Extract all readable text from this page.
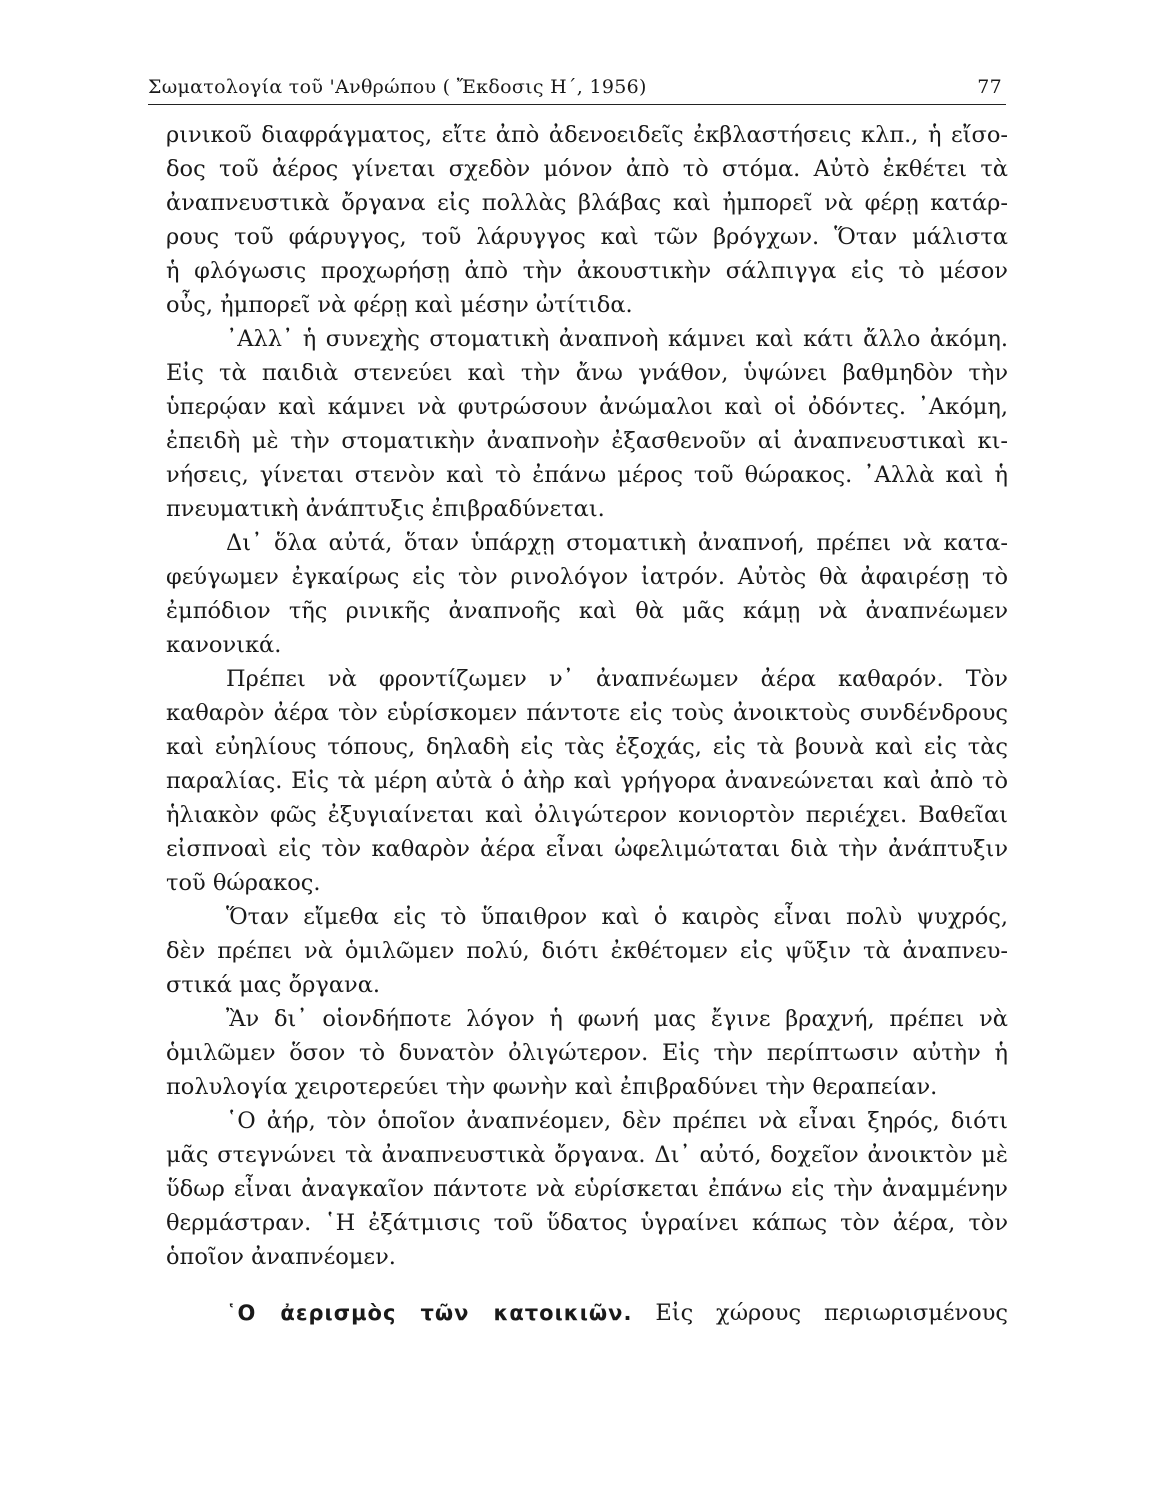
Σωματολογία τοῦ 'Ανθρώπου ( Ἔκδοσις Η΄, 1956)	77
ρινικοῦ διαφράγματος, εἴτε ἀπὸ ἀδενοειδεῖς ἐκβλαστήσεις κλπ., ἡ εἴσο-
δος τοῦ ἀέρος γίνεται σχεδὸν μόνον ἀπὸ τὸ στόμα. Αὐτὸ ἐκθέτει τὰ
ἀναπνευστικὰ ὄργανα εἰς πολλὰς βλάβας καὶ ἠμπορεῖ νὰ φέρῃ κατάρ-
ρους τοῦ φάρυγγος, τοῦ λάρυγγος καὶ τῶν βρόγχων. Ὅταν μάλιστα
ἡ φλόγωσις προχωρήσῃ ἀπὸ τὴν ἀκουστικὴν σάλπιγγα εἰς τὸ μέσον
οὖς, ἠμπορεῖ νὰ φέρῃ καὶ μέσην ὠτίτιδα.
᾿Αλλ᾿ ἡ συνεχὴς στοματικὴ ἀναπνοὴ κάμνει καὶ κάτι ἄλλο ἀκόμη.
Εἰς τὰ παιδιὰ στενεύει καὶ τὴν ἄνω γνάθον, ὑψώνει βαθμηδὸν τὴν
ὑπερῴαν καὶ κάμνει νὰ φυτρώσουν ἀνώμαλοι καὶ οἱ ὀδόντες. ᾿Ακόμη,
ἐπειδὴ μὲ τὴν στοματικὴν ἀναπνοὴν ἐξασθενοῦν αἱ ἀναπνευστικαὶ κι-
νήσεις, γίνεται στενὸν καὶ τὸ ἐπάνω μέρος τοῦ θώρακος. ᾿Αλλὰ καὶ ἡ
πνευματικὴ ἀνάπτυξις ἐπιβραδύνεται.
Δι᾿ ὅλα αὐτά, ὅταν ὑπάρχῃ στοματικὴ ἀναπνοή, πρέπει νὰ κατα-
φεύγωμεν ἐγκαίρως εἰς τὸν ρινολόγον ἰατρόν. Αὐτὸς θὰ ἀφαιρέσῃ τὸ
ἐμπόδιον τῆς ρινικῆς ἀναπνοῆς καὶ θὰ μᾶς κάμῃ νὰ ἀναπνέωμεν
κανονικά.
Πρέπει νὰ φροντίζωμεν ν᾿ ἀναπνέωμεν ἀέρα καθαρόν. Τὸν
καθαρὸν ἀέρα τὸν εὑρίσκομεν πάντοτε εἰς τοὺς ἀνοικτοὺς συνδένδρους
καὶ εὐηλίους τόπους, δηλαδὴ εἰς τὰς ἐξοχάς, εἰς τὰ βουνὰ καὶ εἰς τὰς
παραλίας. Εἰς τὰ μέρη αὐτὰ ὁ ἀὴρ καὶ γρήγορα ἀνανεώνεται καὶ ἀπὸ τὸ
ἡλιακὸν φῶς ἐξυγιαίνεται καὶ ὀλιγώτερον κονιορτὸν περιέχει. Βαθεῖαι
εἰσπνοαὶ εἰς τὸν καθαρὸν ἀέρα εἶναι ὠφελιμώταται διὰ τὴν ἀνάπτυξιν
τοῦ θώρακος.
Ὅταν εἴμεθα εἰς τὸ ὕπαιθρον καὶ ὁ καιρὸς εἶναι πολὺ ψυχρός,
δὲν πρέπει νὰ ὁμιλῶμεν πολύ, διότι ἐκθέτομεν εἰς ψῦξιν τὰ ἀναπνευ-
στικά μας ὄργανα.
Ἂν δι᾿ οἱονδήποτε λόγον ἡ φωνή μας ἔγινε βραχνή, πρέπει νὰ
ὁμιλῶμεν ὅσον τὸ δυνατὸν ὀλιγώτερον. Εἰς τὴν περίπτωσιν αὐτὴν ἡ
πολυλογία χειροτερεύει τὴν φωνὴν καὶ ἐπιβραδύνει τὴν θεραπείαν.
῾Ο ἀήρ, τὸν ὁποῖον ἀναπνέομεν, δὲν πρέπει νὰ εἶναι ξηρός, διότι
μᾶς στεγνώνει τὰ ἀναπνευστικὰ ὄργανα. Δι᾿ αὐτό, δοχεῖον ἀνοικτὸν μὲ
ὕδωρ εἶναι ἀναγκαῖον πάντοτε νὰ εὑρίσκεται ἐπάνω εἰς τὴν ἀναμμένην
θερμάστραν. ῾Η ἐξάτμισις τοῦ ὕδατος ὑγραίνει κάπως τὸν ἀέρα, τὸν
ὁποῖον ἀναπνέομεν.
῾Ο ἀερισμὸς τῶν κατοικιῶν. Εἰς χώρους περιωρισμένους
